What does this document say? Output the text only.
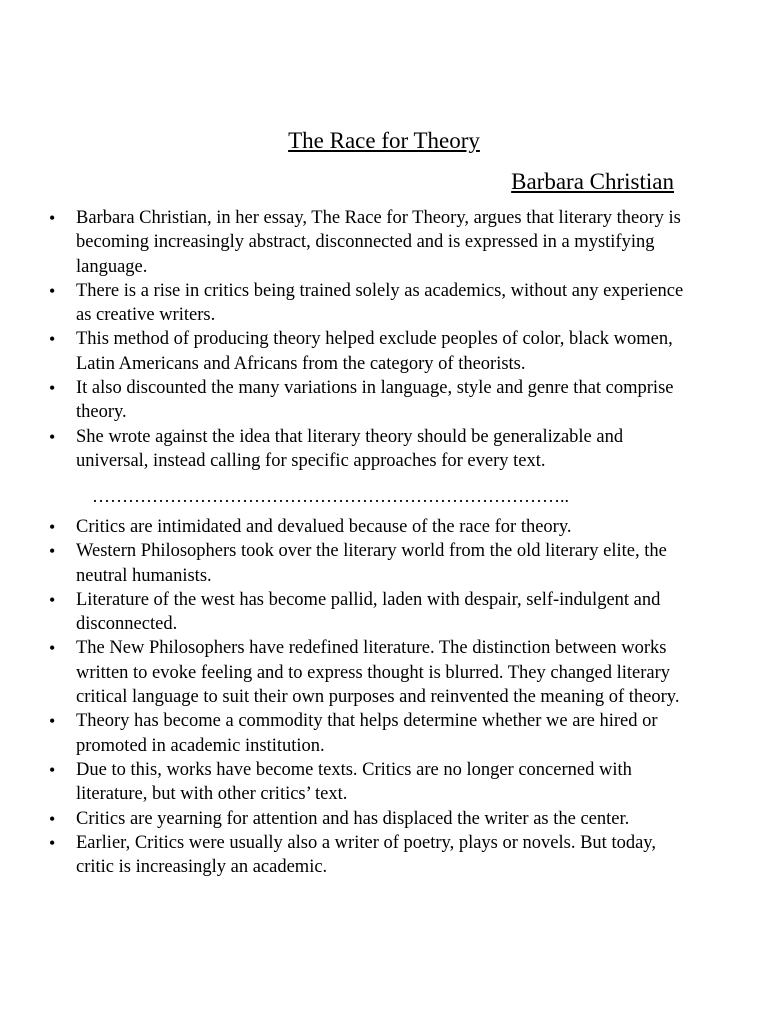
The Race for Theory
Barbara Christian
• Barbara Christian, in her essay, The Race for Theory, argues that literary theory is becoming increasingly abstract, disconnected and is expressed in a mystifying language.
• There is a rise in critics being trained solely as academics, without any experience as creative writers.
• This method of producing theory helped exclude peoples of color, black women, Latin Americans and Africans from the category of theorists.
• It also discounted the many variations in language, style and genre that comprise theory.
• She wrote against the idea that literary theory should be generalizable and universal, instead calling for specific approaches for every text.
……………………………………………………………………..
• Critics are intimidated and devalued because of the race for theory.
• Western Philosophers took over the literary world from the old literary elite, the neutral humanists.
• Literature of the west has become pallid, laden with despair, self-indulgent and disconnected.
• The New Philosophers have redefined literature. The distinction between works written to evoke feeling and to express thought is blurred. They changed literary critical language to suit their own purposes and reinvented the meaning of theory.
• Theory has become a commodity that helps determine whether we are hired or promoted in academic institution.
• Due to this, works have become texts. Critics are no longer concerned with literature, but with other critics’ text.
• Critics are yearning for attention and has displaced the writer as the center.
• Earlier, Critics were usually also a writer of poetry, plays or novels. But today, critic is increasingly an academic.
